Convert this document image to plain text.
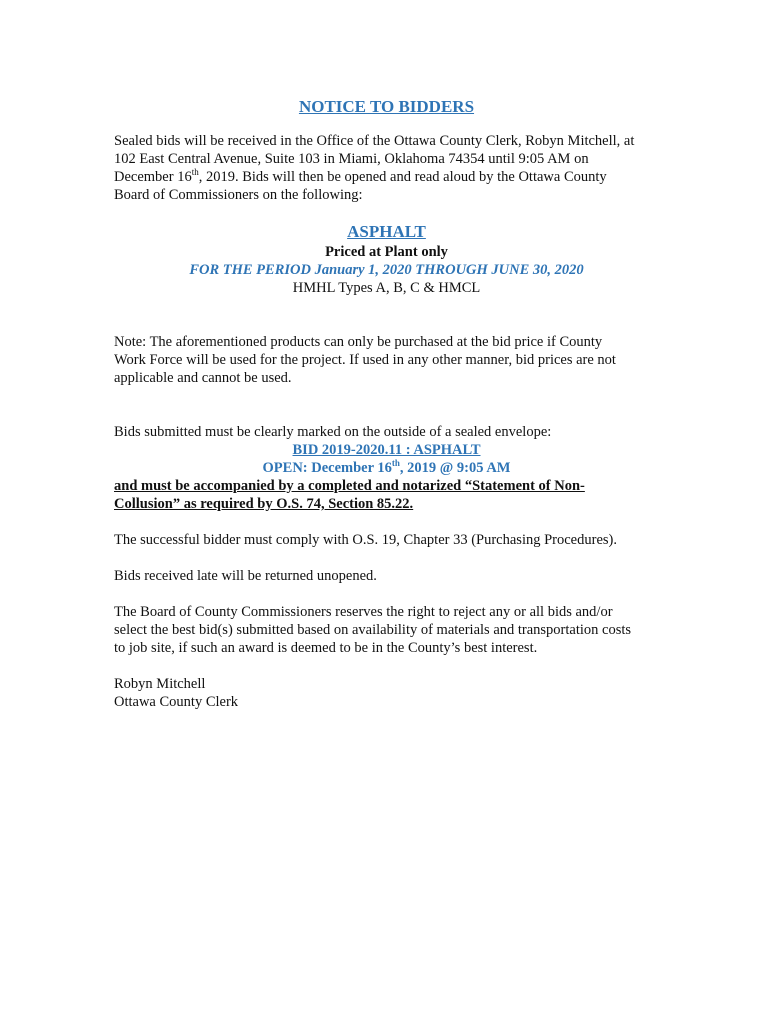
NOTICE TO BIDDERS

Sealed bids will be received in the Office of the Ottawa County Clerk, Robyn Mitchell, at

102 East Central Avenue, Suite 103 in Miami, Oklahoma 74354 until 9:05 AM on

December 16th, 2019. Bids will then be opened and read aloud by the Ottawa County

Board of Commissioners on the following:

ASPHALT

Priced at Plant only

FOR THE PERIOD January 1, 2020 THROUGH JUNE 30, 2020

HMHL Types A, B, C & HMCL

Note: The aforementioned products can only be purchased at the bid price if County

Work Force will be used for the project. If used in any other manner, bid prices are not

applicable and cannot be used.

Bids submitted must be clearly marked on the outside of a sealed envelope:

BID 2019-2020.11 : ASPHALT

OPEN: December 16th, 2019 @ 9:05 AM

and must be accompanied by a completed and notarized “Statement of Non-

Collusion” as required by O.S. 74, Section 85.22.

The successful bidder must comply with O.S. 19, Chapter 33 (Purchasing Procedures).

Bids received late will be returned unopened.

The Board of County Commissioners reserves the right to reject any or all bids and/or

select the best bid(s) submitted based on availability of materials and transportation costs

to job site, if such an award is deemed to be in the County’s best interest.

Robyn Mitchell

Ottawa County Clerk
